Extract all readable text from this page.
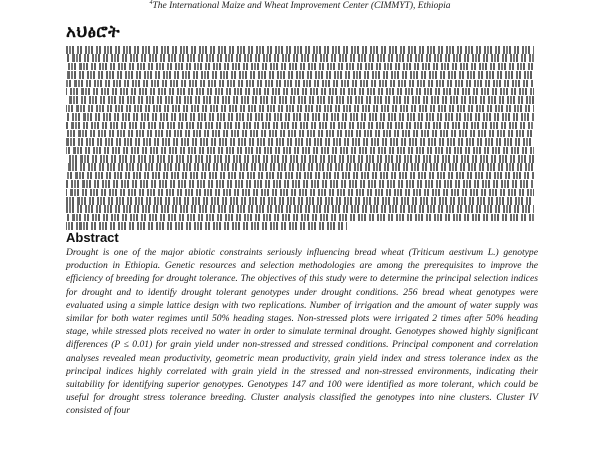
$^4$The International Maize and Wheat Improvement Center (CIMMYT), Ethiopia
አህፅሮት
Abstract
Drought is one of the major abiotic constraints seriously influencing bread wheat (Triticum aestivum L.) genotype production in Ethiopia. Genetic resources and selection methodologies are among the prerequisites to improve the efficiency of breeding for drought tolerance. The objectives of this study were to determine the principal selection indices for drought and to identify drought tolerant genotypes under drought conditions. 256 bread wheat genotypes were evaluated using a simple lattice design with two replications. Number of irrigation and the amount of water supply was similar for both water regimes until 50% heading stages. Non-stressed plots were irrigated 2 times after 50% heading stage, while stressed plots received no water in order to simulate terminal drought. Genotypes showed highly significant differences (P ≤ 0.01) for grain yield under non-stressed and stressed conditions. Principal component and correlation analyses revealed mean productivity, geometric mean productivity, grain yield index and stress tolerance index as the principal indices highly correlated with grain yield in the stressed and non-stressed environments, indicating their suitability for identifying superior genotypes. Genotypes 147 and 100 were identified as more tolerant, which could be useful for drought stress tolerance breeding. Cluster analysis classified the genotypes into nine clusters. Cluster IV consisted of four
